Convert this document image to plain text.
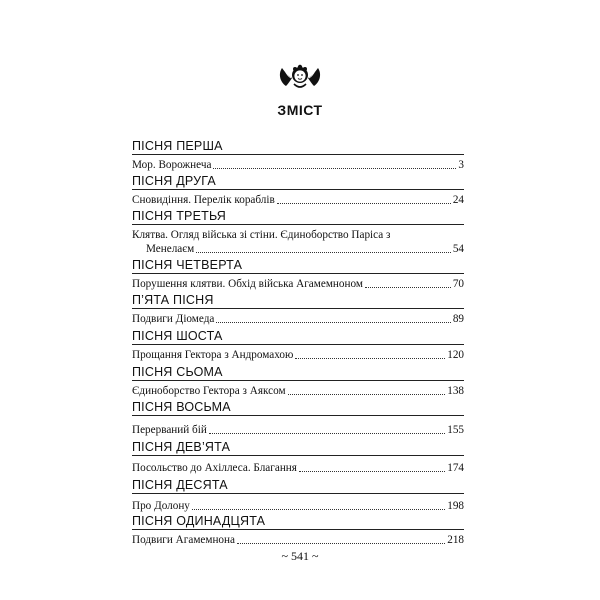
ЗМІСТ
ПІСНЯ ПЕРША
Мор. Ворожнеча	3
ПІСНЯ ДРУГА
Сновидіння. Перелік кораблів	24
ПІСНЯ ТРЕТЬЯ
Клятва. Огляд війська зі стіни. Єдиноборство Паріса з
Менелаєм	54
ПІСНЯ ЧЕТВЕРТА
Порушення клятви. Обхід війська Агамемноном	70
П’ЯТА ПІСНЯ
Подвиги Діомеда	89
ПІСНЯ ШОСТА
Прощання Гектора з Андромахою	120
ПІСНЯ СЬОМА
Єдиноборство Гектора з Аяксом	138
ПІСНЯ ВОСЬМА
Перерваний бій	155
ПІСНЯ ДЕВ’ЯТА
Посольство до Ахіллеса. Благання	174
ПІСНЯ ДЕСЯТА
Про Долону	198
ПІСНЯ ОДИНАДЦЯТА
Подвиги Агамемнона	218
~ 541 ~
